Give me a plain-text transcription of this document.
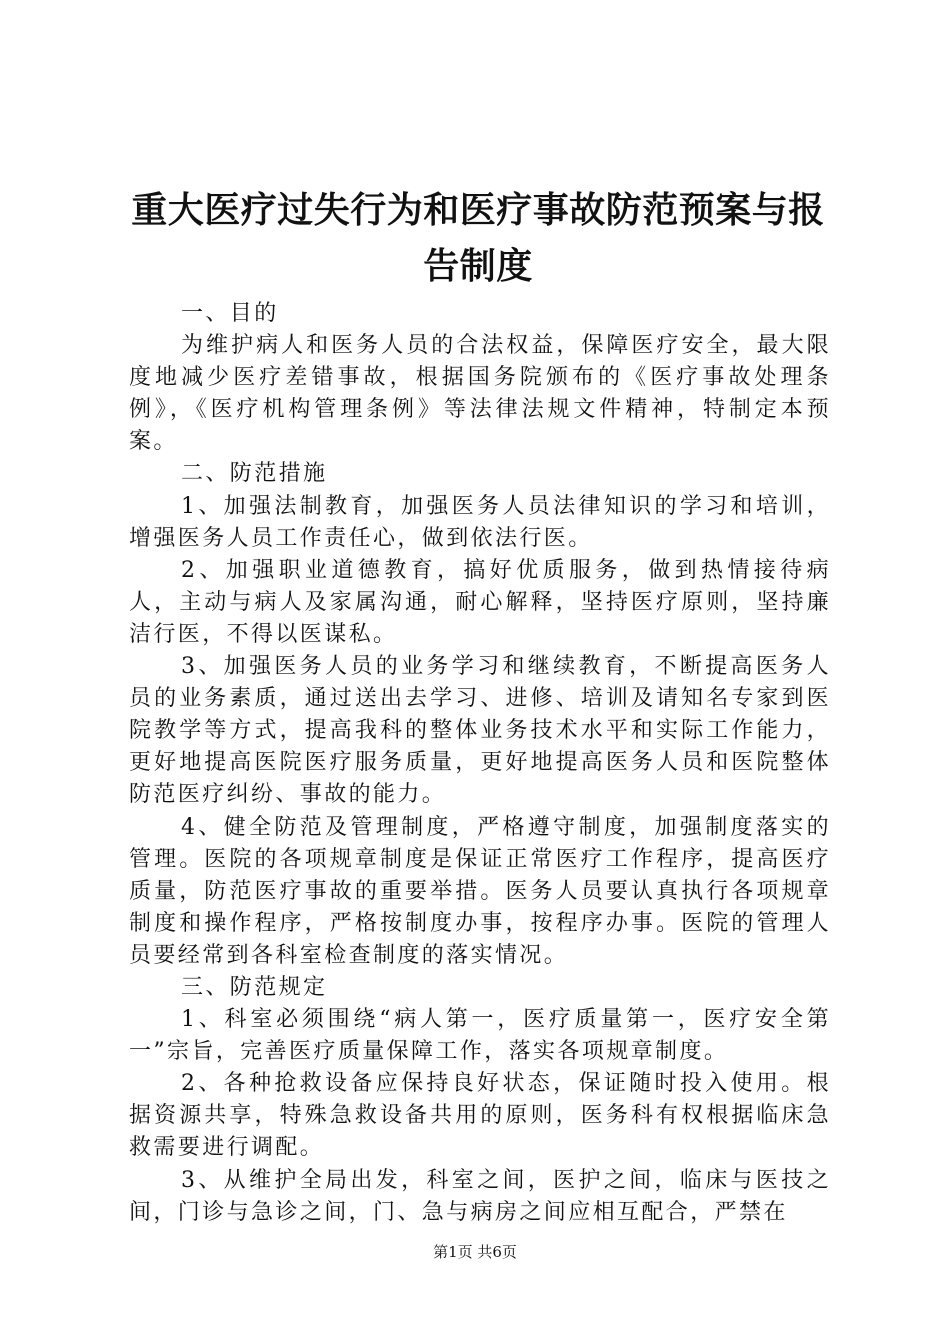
重大医疗过失行为和医疗事故防范预案与报告制度

一、目的

为维护病人和医务人员的合法权益，保障医疗安全，最大限度地减少医疗差错事故，根据国务院颁布的《医疗事故处理条例》，《医疗机构管理条例》等法律法规文件精神，特制定本预案。

二、防范措施

1、加强法制教育，加强医务人员法律知识的学习和培训，增强医务人员工作责任心，做到依法行医。

2、加强职业道德教育，搞好优质服务，做到热情接待病人，主动与病人及家属沟通，耐心解释，坚持医疗原则，坚持廉洁行医，不得以医谋私。

3、加强医务人员的业务学习和继续教育，不断提高医务人员的业务素质，通过送出去学习、进修、培训及请知名专家到医院教学等方式，提高我科的整体业务技术水平和实际工作能力，更好地提高医院医疗服务质量，更好地提高医务人员和医院整体防范医疗纠纷、事故的能力。

4、健全防范及管理制度，严格遵守制度，加强制度落实的管理。医院的各项规章制度是保证正常医疗工作程序，提高医疗质量，防范医疗事故的重要举措。医务人员要认真执行各项规章制度和操作程序，严格按制度办事，按程序办事。医院的管理人员要经常到各科室检查制度的落实情况。

三、防范规定

1、科室必须围绕“病人第一，医疗质量第一，医疗安全第一”宗旨，完善医疗质量保障工作，落实各项规章制度。

2、各种抢救设备应保持良好状态，保证随时投入使用。根据资源共享，特殊急救设备共用的原则，医务科有权根据临床急救需要进行调配。

3、从维护全局出发，科室之间，医护之间，临床与医技之间，门诊与急诊之间，门、急与病房之间应相互配合，严禁在

第1页 共6页
